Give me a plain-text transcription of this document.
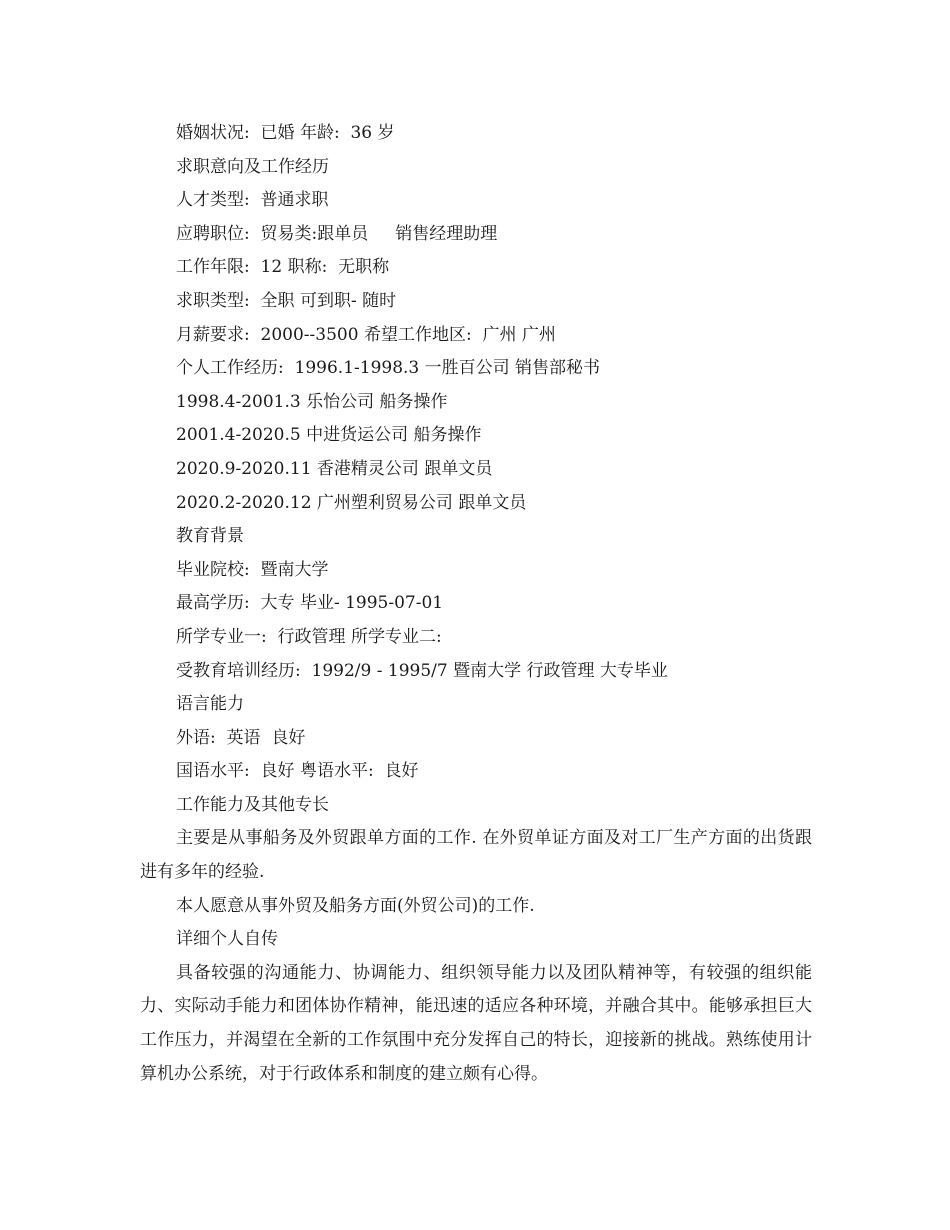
婚姻状况:  已婚 年龄:  36 岁

求职意向及工作经历

人才类型:  普通求职

应聘职位:  贸易类:跟单员     销售经理助理

工作年限:  12 职称:  无职称

求职类型:  全职 可到职- 随时

月薪要求:  2000--3500 希望工作地区:  广州 广州

个人工作经历:  1996.1-1998.3 一胜百公司 销售部秘书

1998.4-2001.3 乐怡公司 船务操作

2001.4-2020.5 中进货运公司 船务操作

2020.9-2020.11 香港精灵公司 跟单文员

2020.2-2020.12 广州塑利贸易公司 跟单文员

教育背景

毕业院校:  暨南大学

最高学历:  大专 毕业- 1995-07-01

所学专业一:  行政管理 所学专业二:

受教育培训经历:  1992/9 - 1995/7 暨南大学 行政管理 大专毕业

语言能力

外语:  英语  良好

国语水平:  良好 粤语水平:  良好

工作能力及其他专长

主要是从事船务及外贸跟单方面的工作. 在外贸单证方面及对工厂生产方面的出货跟进有多年的经验.

本人愿意从事外贸及船务方面(外贸公司)的工作.

详细个人自传

具备较强的沟通能力、协调能力、组织领导能力以及团队精神等，有较强的组织能力、实际动手能力和团体协作精神，能迅速的适应各种环境，并融合其中。能够承担巨大工作压力，并渴望在全新的工作氛围中充分发挥自己的特长，迎接新的挑战。熟练使用计算机办公系统，对于行政体系和制度的建立颇有心得。
